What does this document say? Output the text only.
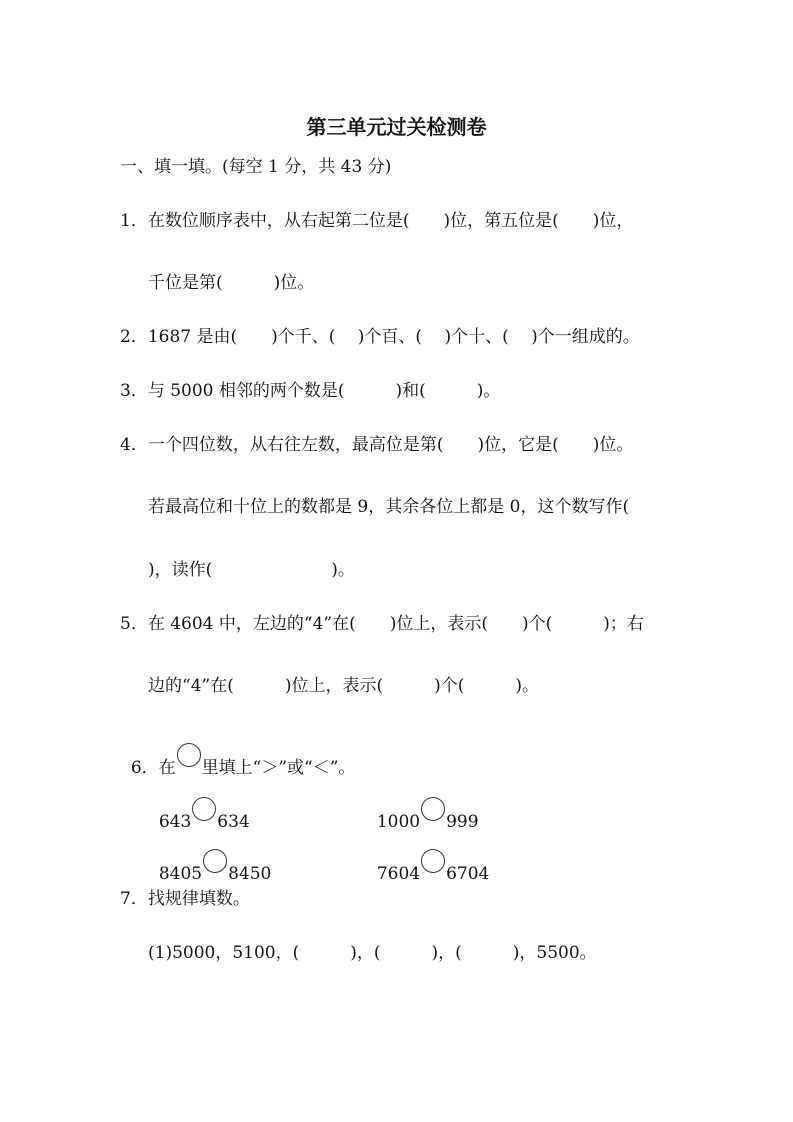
第三单元过关检测卷
一、填一填。(每空 1 分，共 43 分)
1．在数位顺序表中，从右起第二位是(　　)位，第五位是(　　)位，
千位是第(　　　)位。
2．1687 是由(　　)个千、(　 )个百、(　 )个十、(　 )个一组成的。
3．与 5000 相邻的两个数是(　　　)和(　　　)。
4．一个四位数，从右往左数，最高位是第(　　)位，它是(　　)位。
若最高位和十位上的数都是 9，其余各位上都是 0，这个数写作(
)，读作(　　　　　　　)。
5．在 4604 中，左边的“4”在(　　)位上，表示(　　)个(　　　)；右
边的“4”在(　　　)位上，表示(　　　)个(　　　)。

6．在 里填上“＞”或“＜”。

643 634	1000 999

8405 8450	7604 6704

7．找规律填数。
(1)5000，5100，(　　　)，(　　　)，(　　　)，5500。
